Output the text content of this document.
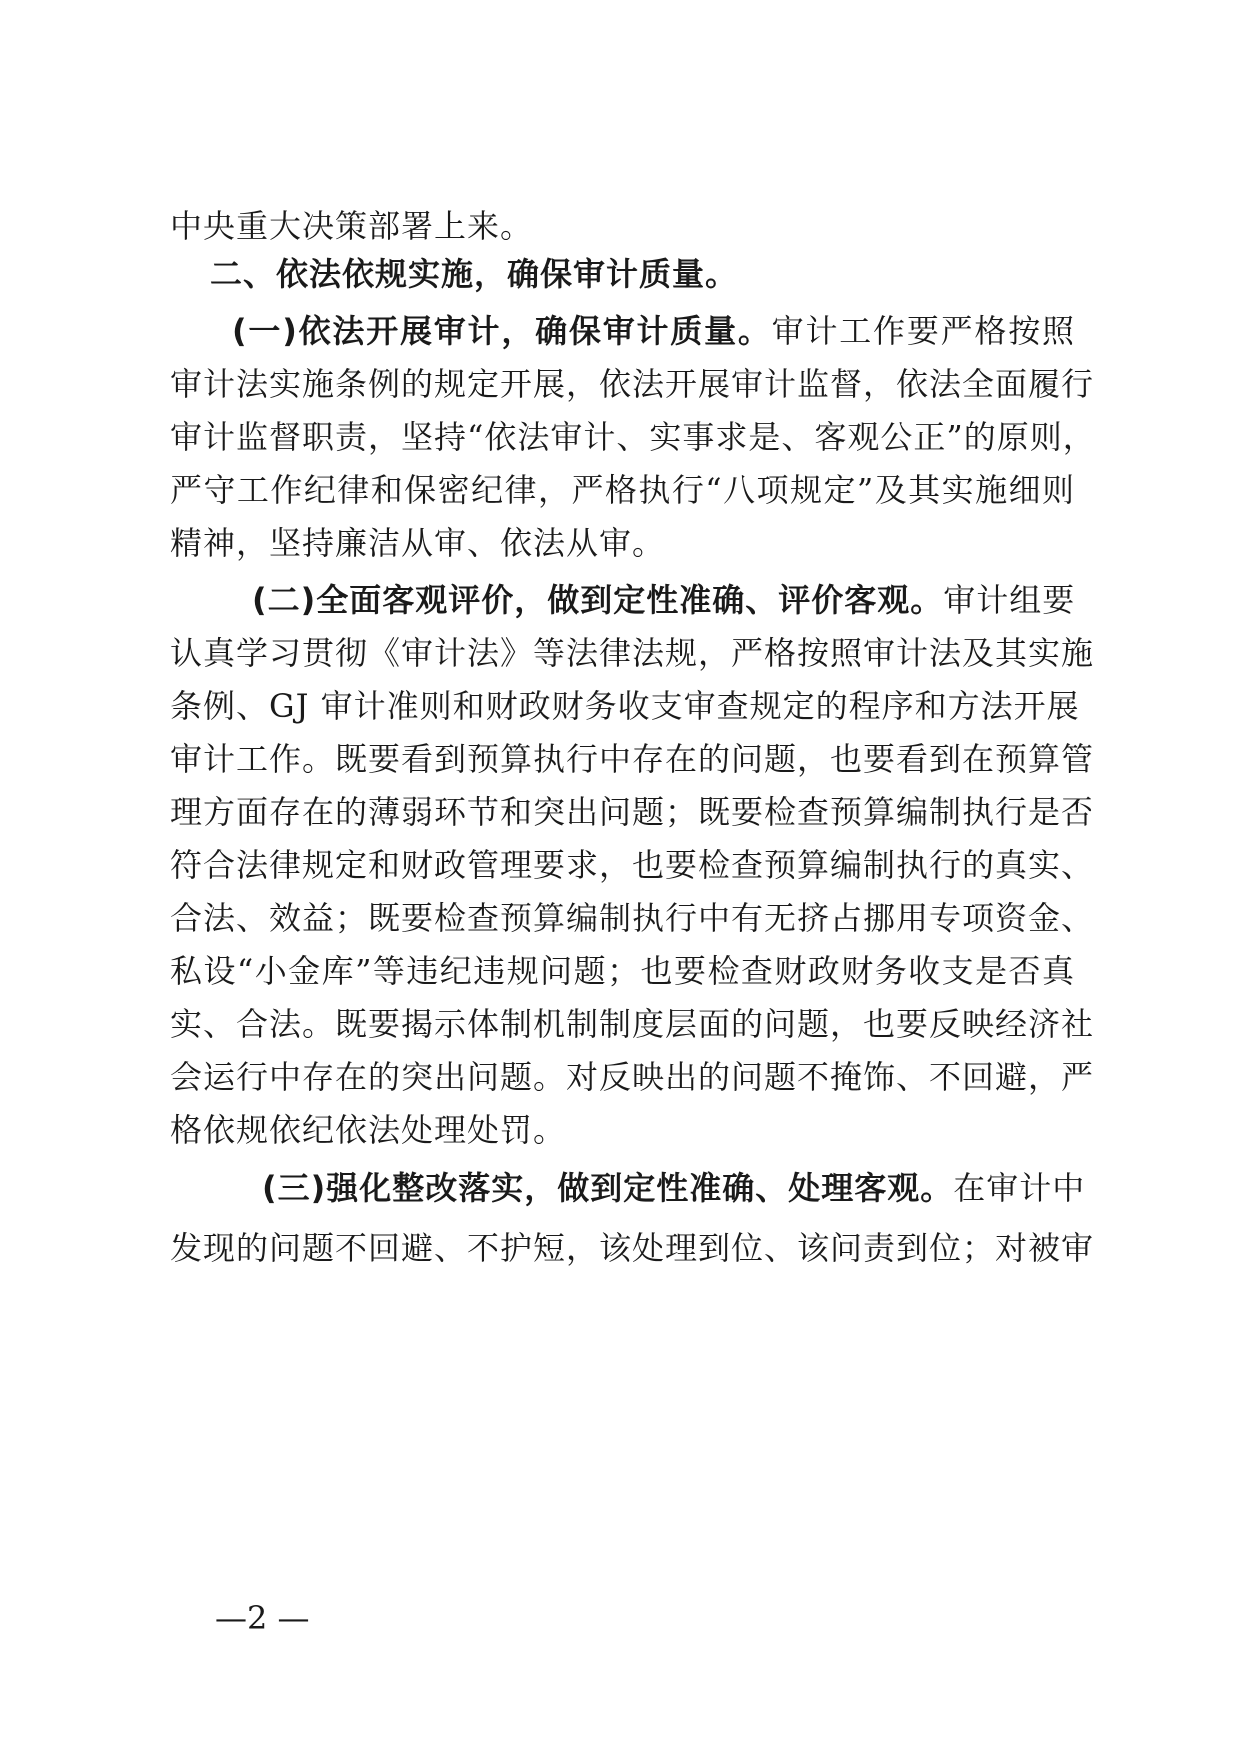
中央重大决策部署上来。
二、依法依规实施，确保审计质量。
(一)依法开展审计，确保审计质量。审计工作要严格按照
审计法实施条例的规定开展，依法开展审计监督，依法全面履行
审计监督职责，坚持“依法审计、实事求是、客观公正”的原则，
严守工作纪律和保密纪律，严格执行“八项规定”及其实施细则
精神，坚持廉洁从审、依法从审。
(二)全面客观评价，做到定性准确、评价客观。审计组要
认真学习贯彻《审计法》等法律法规，严格按照审计法及其实施
条例、GJ 审计准则和财政财务收支审查规定的程序和方法开展
审计工作。既要看到预算执行中存在的问题，也要看到在预算管
理方面存在的薄弱环节和突出问题；既要检查预算编制执行是否
符合法律规定和财政管理要求，也要检查预算编制执行的真实、
合法、效益；既要检查预算编制执行中有无挤占挪用专项资金、
私设“小金库”等违纪违规问题；也要检查财政财务收支是否真
实、合法。既要揭示体制机制制度层面的问题，也要反映经济社
会运行中存在的突出问题。对反映出的问题不掩饰、不回避，严
格依规依纪依法处理处罚。
(三)强化整改落实，做到定性准确、处理客观。在审计中
发现的问题不回避、不护短，该处理到位、该问责到位；对被审
—2 —
